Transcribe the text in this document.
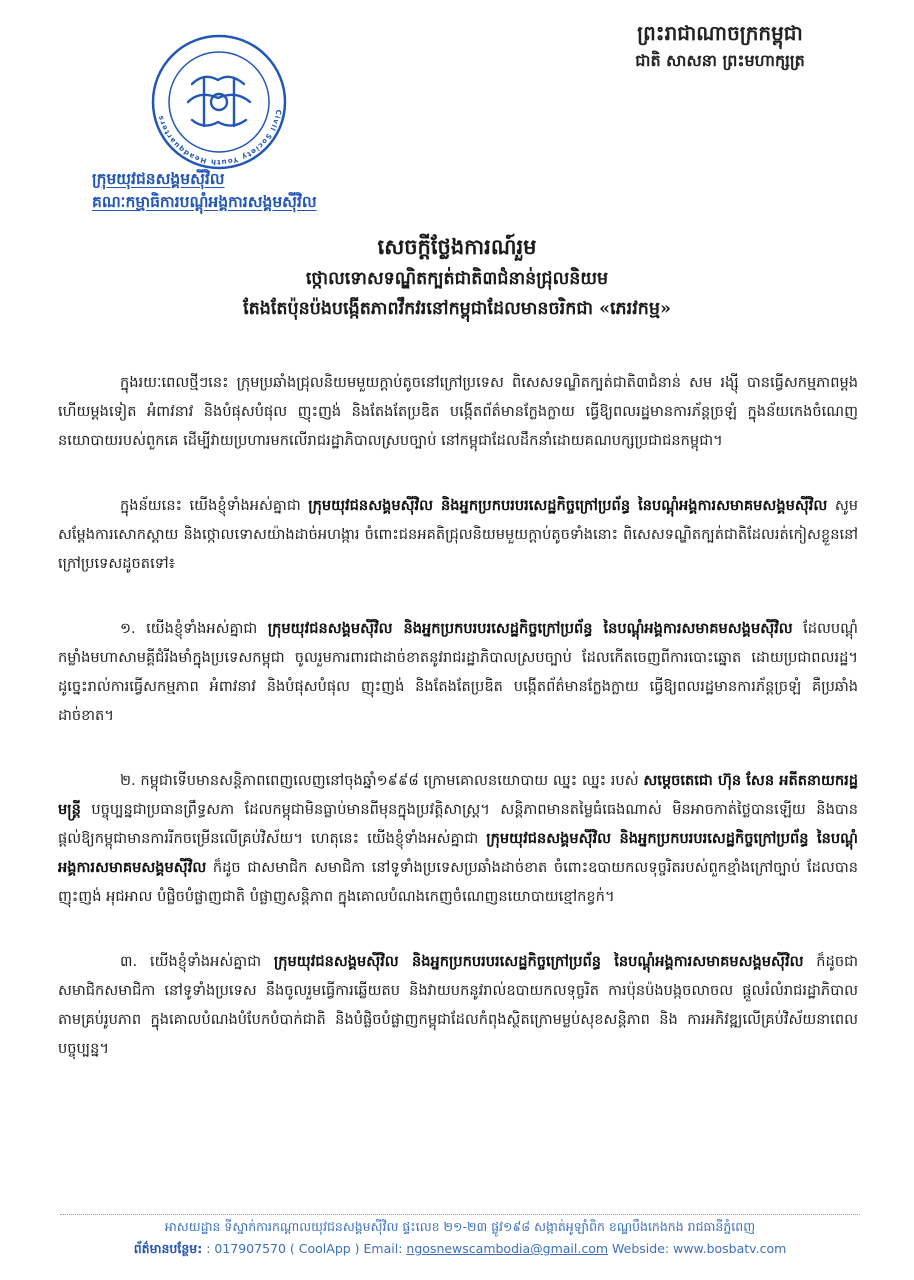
Civil Society Youth Headquarters
ក្រុមយុវជនសង្គមស៊ីវិល
គណៈកម្មាធិការបណ្តុំអង្គការសង្គមស៊ីវិល
ព្រះរាជាណាចក្រកម្ពុជា
ជាតិ សាសនា ព្រះមហាក្សត្រ
សេចក្តីថ្លែងការណ៍រួម
ថ្កោលទោសទណ្ឌិតក្បត់ជាតិ៣ជំនាន់ជ្រុលនិយម
តែងតែប៉ុនប៉ងបង្កើតភាពវឹកវរនៅកម្ពុជាដែលមានចរិកជា «ភេរវកម្ម»

ក្នុងរយៈពេលថ្មីៗនេះ ក្រុមប្រឆាំងជ្រុលនិយមមួយក្តាប់តូចនៅក្រៅប្រទេស ពិសេសទណ្ឌិតក្បត់ជាតិ៣ជំនាន់ សម រង្ស៊ី បានធ្វើសកម្មភាពម្តងហើយម្តងទៀត អំពាវនាវ និងបំផុសបំផុល ញុះញង់ និងតែងតែប្រឌិត បង្កើតព័ត៌មានក្លែងក្លាយ ធ្វើឱ្យពលរដ្ឋមានការភ័ន្តច្រឡំ ក្នុងន័យកេងចំណេញនយោបាយរបស់ពួកគេ ដើម្បីវាយប្រហារមកលើរាជរដ្ឋាភិបាលស្របច្បាប់ នៅកម្ពុជាដែលដឹកនាំដោយគណបក្សប្រជាជនកម្ពុជា។

ក្នុងន័យនេះ យើងខ្ញុំទាំងអស់គ្នាជា ក្រុមយុវជនសង្គមស៊ីវិល និងអ្នកប្រកបរបរសេដ្ឋកិច្ចក្រៅប្រព័ន្ធ នៃបណ្តុំអង្គការសមាគមសង្គមស៊ីវិល សូមសម្តែងការសោកស្តាយ និងថ្កោលទោសយ៉ាងដាច់អហង្ការ ចំពោះជនអគតិជ្រុលនិយមមួយក្តាប់តូចទាំងនោះ ពិសេសទណ្ឌិតក្បត់ជាតិដែលរត់កៀសខ្លួននៅក្រៅប្រទេសដូចតទៅ៖

១. យើងខ្ញុំទាំងអស់គ្នាជា ក្រុមយុវជនសង្គមស៊ីវិល និងអ្នកប្រកបរបរសេដ្ឋកិច្ចក្រៅប្រព័ន្ធ នៃបណ្តុំអង្គការសមាគមសង្គមស៊ីវិល ដែលបណ្តុំកម្លាំងមហាសាមគ្គីជំរីងមាំក្នុងប្រទេសកម្ពុជា ចូលរួមការពារជាដាច់ខាតនូវរាជរដ្ឋាភិបាលស្របច្បាប់ ដែលកើតចេញពីការបោះឆ្នោត ដោយប្រជាពលរដ្ឋ។ ដូច្នេះរាល់ការធ្វើសកម្មភាព អំពាវនាវ និងបំផុសបំផុល ញុះញង់ និងតែងតែប្រឌិត បង្កើតព័ត៌មានក្លែងក្លាយ ធ្វើឱ្យពលរដ្ឋមានការភ័ន្តច្រឡំ គឺប្រឆាំងដាច់ខាត។

២. កម្ពុជាទើបមានសន្តិភាពពេញលេញនៅចុងឆ្នាំ១៩៩៨ ក្រោមគោលនយោបាយ ឈ្នះ ឈ្នះ របស់ សម្តេចតេជោ ហ៊ុន សែន អតីតនាយករដ្ឋមន្ត្រី បច្ចុប្បន្នជាប្រធានព្រឹទ្ធសភា ដែលកម្ពុជាមិនធ្លាប់មានពីមុនក្នុងប្រវត្តិសាស្ត្រ។ សន្តិភាពមានតម្លៃធំធេងណាស់ មិនអាចកាត់ថ្លៃបានឡើយ និងបានផ្តល់ឱ្យកម្ពុជាមានការរីកចម្រើនលើគ្រប់វិស័យ។ ហេតុនេះ យើងខ្ញុំទាំងអស់គ្នាជា ក្រុមយុវជនសង្គមស៊ីវិល និងអ្នកប្រកបរបរសេដ្ឋកិច្ចក្រៅប្រព័ន្ធ នៃបណ្តុំអង្គការសមាគមសង្គមស៊ីវិល ក៏ដូច ជាសមាជិក សមាជិកា នៅទូទាំងប្រទេសប្រឆាំងដាច់ខាត ចំពោះឧបាយកលទុច្ចរិតរបស់ពួកខ្មាំងក្រៅច្បាប់ ដែលបានញុះញង់ អុជអាល បំផ្លិចបំផ្លាញជាតិ បំផ្លាញសន្តិភាព ក្នុងគោលបំណងកេញចំណេញនយោបាយខ្មៅកខ្វក់។

៣. យើងខ្ញុំទាំងអស់គ្នាជា ក្រុមយុវជនសង្គមស៊ីវិល និងអ្នកប្រកបរបរសេដ្ឋកិច្ចក្រៅប្រព័ន្ធ នៃបណ្តុំអង្គការសមាគមសង្គមស៊ីវិល ក៏ដូចជាសមាជិកសមាជិកា នៅទូទាំងប្រទេស នឹងចូលរួមធ្វើការឆ្លើយតប និងវាយបកនូវរាល់ឧបាយកលទុច្ចរិត ការប៉ុនប៉ងបង្កចលាចល ផ្តួលរំលំរាជរដ្ឋាភិបាល តាមគ្រប់រូបភាព ក្នុងគោលបំណងបំបែកបំបាក់ជាតិ និងបំផ្លិចបំផ្លាញកម្ពុជាដែលកំពុងស្ថិតក្រោមម្លប់សុខសន្តិភាព និង ការអភិវឌ្ឍលើគ្រប់វិស័យនាពេលបច្ចុប្បន្ន។

អាសយដ្ឋាន ទីស្នាក់ការកណ្តាលយុវជនសង្គមស៊ីវិល ផ្ទះលេខ ២១-២៣ ផ្លូវ១៩៨ សង្កាត់អូឡាំពិក ខណ្ឌបឹងកេងកង រាជធានីភ្នំពេញ
ព័ត៌មានបន្ថែម: : 017907570 ( CoolApp ) Email: ngosnewscambodia@gmail.com Webside: www.bosbatv.com
